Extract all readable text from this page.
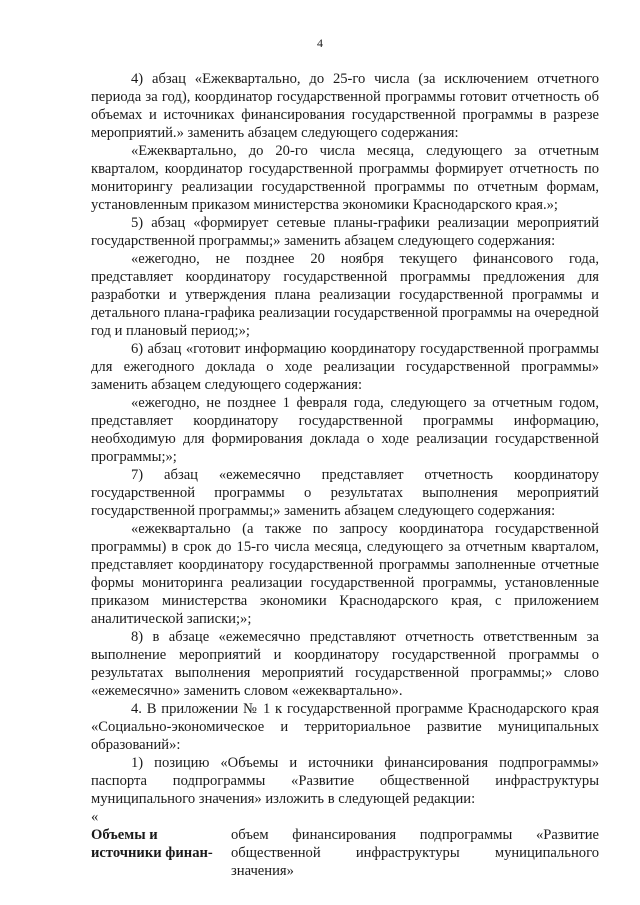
4

4) абзац «Ежеквартально, до 25-го числа (за исключением отчетного периода за год), координатор государственной программы готовит отчетность об объемах и источниках финансирования государственной программы в разрезе мероприятий.» заменить абзацем следующего содержания:

«Ежеквартально, до 20-го числа месяца, следующего за отчетным кварталом, координатор государственной программы формирует отчетность по мониторингу реализации государственной программы по отчетным формам, установленным приказом министерства экономики Краснодарского края.»;

5) абзац «формирует сетевые планы-графики реализации мероприятий государственной программы;» заменить абзацем следующего содержания:

«ежегодно, не позднее 20 ноября текущего финансового года, представляет координатору государственной программы предложения для разработки и утверждения плана реализации государственной программы и детального плана-графика реализации государственной программы на очередной год и плановый период;»;

6) абзац «готовит информацию координатору государственной программы для ежегодного доклада о ходе реализации государственной программы» заменить абзацем следующего содержания:

«ежегодно, не позднее 1 февраля года, следующего за отчетным годом, представляет координатору государственной программы информацию, необходимую для формирования доклада о ходе реализации государственной программы;»;

7) абзац «ежемесячно представляет отчетность координатору государственной программы о результатах выполнения мероприятий государственной программы;» заменить абзацем следующего содержания:

«ежеквартально (а также по запросу координатора государственной программы) в срок до 15-го числа месяца, следующего за отчетным кварталом, представляет координатору государственной программы заполненные отчетные формы мониторинга реализации государственной программы, установленные приказом министерства экономики Краснодарского края, с приложением аналитической записки;»;

8) в абзаце «ежемесячно представляют отчетность ответственным за выполнение мероприятий и координатору государственной программы о результатах выполнения мероприятий государственной программы;» слово «ежемесячно» заменить словом «ежеквартально».

4. В приложении № 1 к государственной программе Краснодарского края «Социально-экономическое и территориальное развитие муниципальных образований»:

1) позицию «Объемы и источники финансирования подпрограммы» паспорта подпрограммы «Развитие общественной инфраструктуры муниципального значения» изложить в следующей редакции:

«

Объемы и источники финан-
объем финансирования подпрограммы «Развитие общественной инфраструктуры муниципального значения»
